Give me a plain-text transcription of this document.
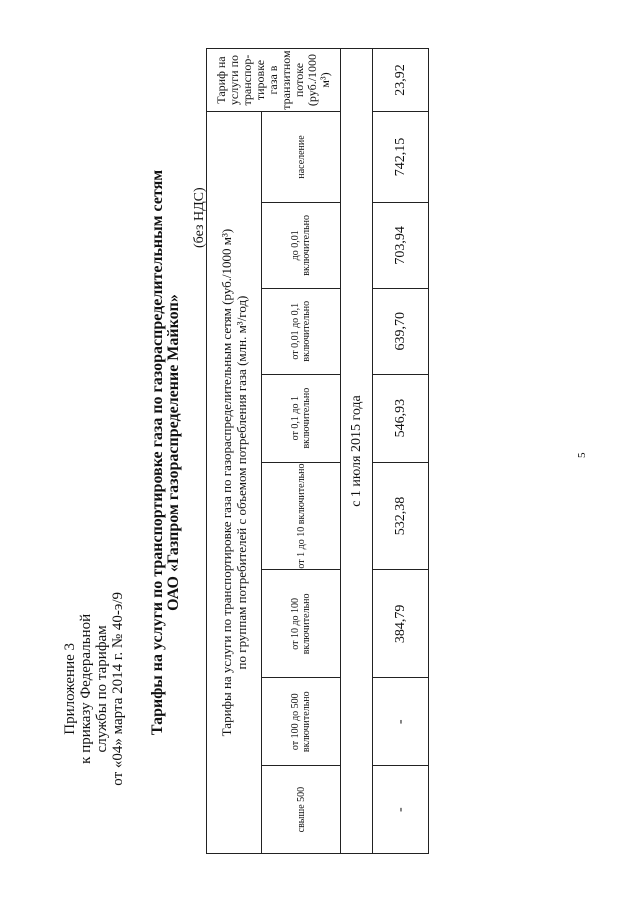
Приложение 3 к приказу Федеральной службы по тарифам от «04» марта 2014 г. № 40-э/9 Тарифы на услуги по транспортировке газа по газораспределительным сетям ОАО «Газпром газораспределение Майкоп»
(без НДС)
Тарифы на услуги по транспортировке газа по газораспределительным сетям (руб./1000 м³) по группам потребителей с объемом потребления газа (млн. м³/год)								Тариф на услуги по транспор-тировке газа в транзитном потоке (руб./1000 м³)
свыше 500	от 100 до 500 включительно	от 10 до 100 включительно	от 1 до 10 включительно	от 0,1 до 1 включительно	от 0,01 до 0,1 включительно	до 0,01 включительно	население	
с 1 июля 2015 года								
-	-	384,79	532,38	546,93	639,70	703,94	742,15	23,92
5
